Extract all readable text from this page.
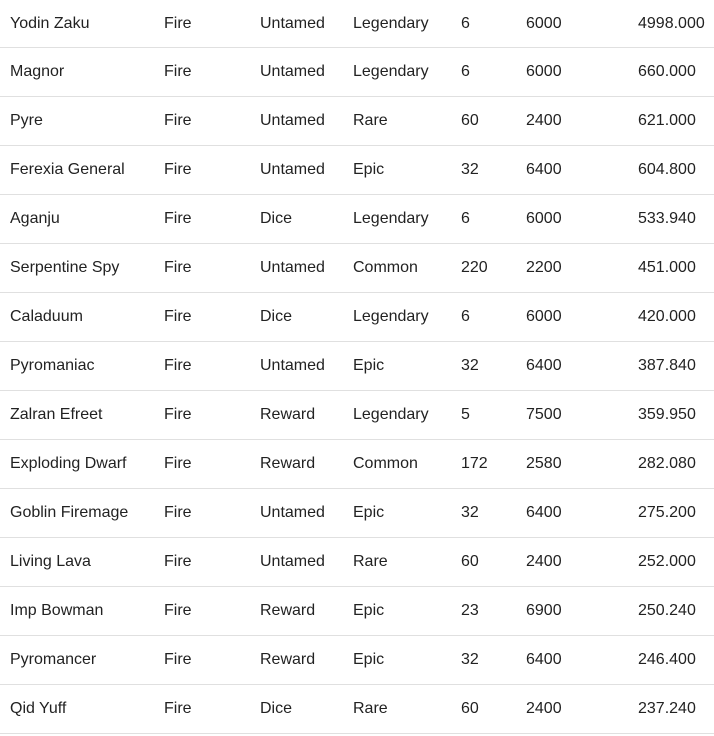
Yodin Zaku	Fire	Untamed	Legendary	6	6000	4998.000
Magnor	Fire	Untamed	Legendary	6	6000	660.000
Pyre	Fire	Untamed	Rare	60	2400	621.000
Ferexia General	Fire	Untamed	Epic	32	6400	604.800
Aganju	Fire	Dice	Legendary	6	6000	533.940
Serpentine Spy	Fire	Untamed	Common	220	2200	451.000
Caladuum	Fire	Dice	Legendary	6	6000	420.000
Pyromaniac	Fire	Untamed	Epic	32	6400	387.840
Zalran Efreet	Fire	Reward	Legendary	5	7500	359.950
Exploding Dwarf	Fire	Reward	Common	172	2580	282.080
Goblin Firemage	Fire	Untamed	Epic	32	6400	275.200
Living Lava	Fire	Untamed	Rare	60	2400	252.000
Imp Bowman	Fire	Reward	Epic	23	6900	250.240
Pyromancer	Fire	Reward	Epic	32	6400	246.400
Qid Yuff	Fire	Dice	Rare	60	2400	237.240
